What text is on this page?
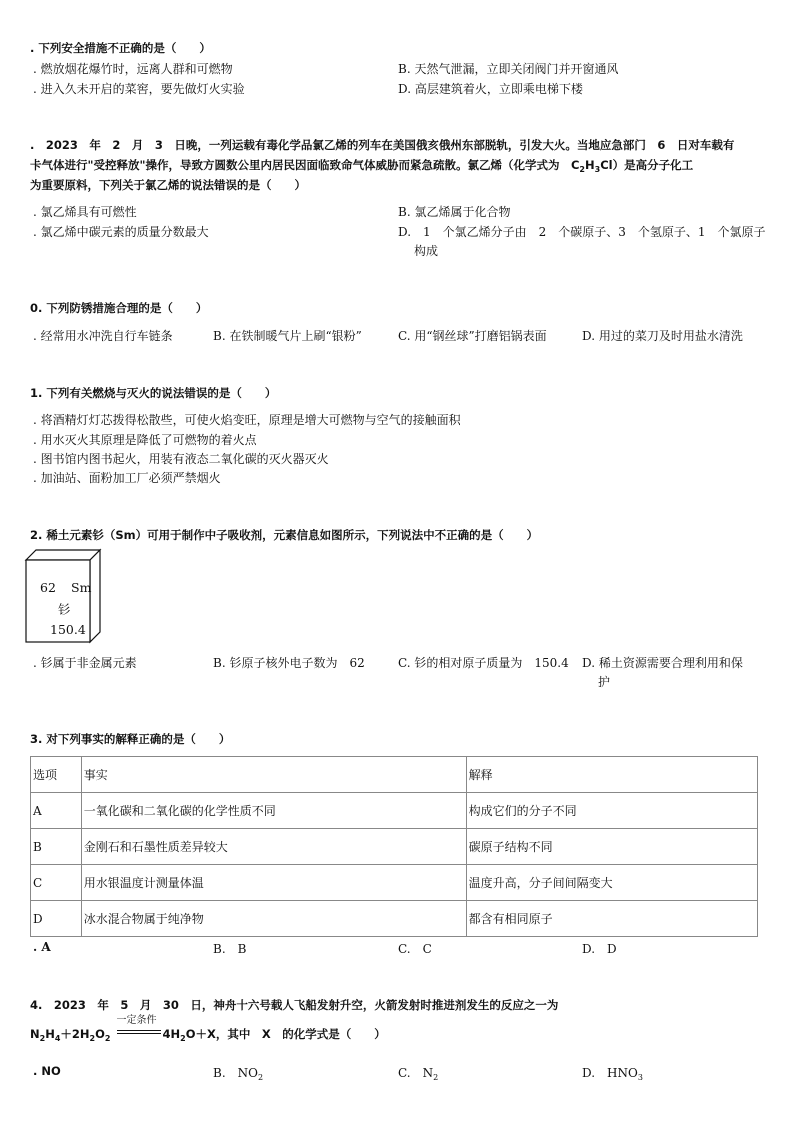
. 下列安全措施不正确的是（　　）
. 燃放烟花爆竹时，远离人群和可燃物	B. 天然气泄漏，立即关闭阀门并开窗通风
. 进入久未开启的菜窖，要先做灯火实验	D. 高层建筑着火，立即乘电梯下楼
.　2023　年　2　月　3　日晚，一列运载有毒化学品氯乙烯的列车在美国俄亥俄州东部脱轨，引发大火。当地应急部门　6　日对车载有
卡气体进行"受控释放"操作，导致方圆数公里内居民因面临致命气体威胁而紧急疏散。氯乙烯（化学式为　$C_2H_3Cl$）是高分子化工
为重要原料，下列关于氯乙烯的说法错误的是（　　）
. 氯乙烯具有可燃性	B. 氯乙烯属于化合物
. 氯乙烯中碳元素的质量分数最大	D.　1　个氯乙烯分子由　2　个碳原子、3　个氢原子、1　个氯原子
构成
0. 下列防锈措施合理的是（　　）
. 经常用水冲洗自行车链条	B. 在铁制暖气片上刷“银粉”	C. 用“钢丝球”打磨铝锅表面	D. 用过的菜刀及时用盐水清洗
1. 下列有关燃烧与灭火的说法错误的是（　　）
. 将酒精灯灯芯拨得松散些，可使火焰变旺，原理是增大可燃物与空气的接触面积
. 用水灭火其原理是降低了可燃物的着火点
. 图书馆内图书起火，用装有液态二氧化碳的灭火器灭火
. 加油站、面粉加工厂必须严禁烟火
2. 稀土元素钐（Sm）可用于制作中子吸收剂，元素信息如图所示，下列说法中不正确的是（　　）
62 Sm
钐
150.4
. 钐属于非金属元素	B. 钐原子核外电子数为　62	C. 钐的相对原子质量为　150.4 D. 稀土资源需要合理利用和保
护
3. 对下列事实的解释正确的是（　　）
选项	事实	解释
A	一氧化碳和二氧化碳的化学性质不同	构成它们的分子不同
B	金刚石和石墨性质差异较大	碳原子结构不同
C	用水银温度计测量体温	温度升高，分子间间隔变大
D	冰水混合物属于纯净物	都含有相同原子
. A	B.　B	C.　C	D.　D
4.　2023　年　5　月　30　日，神舟十六号载人飞船发射升空，火箭发射时推进剂发生的反应之一为
$N_2H_4+2H_2O_2$
一定条件
$4H_2O+X$，其中　X　的化学式是（　　）
. NO	B.　$NO_2$	C.　$N_2$	D.　$HNO_3$
